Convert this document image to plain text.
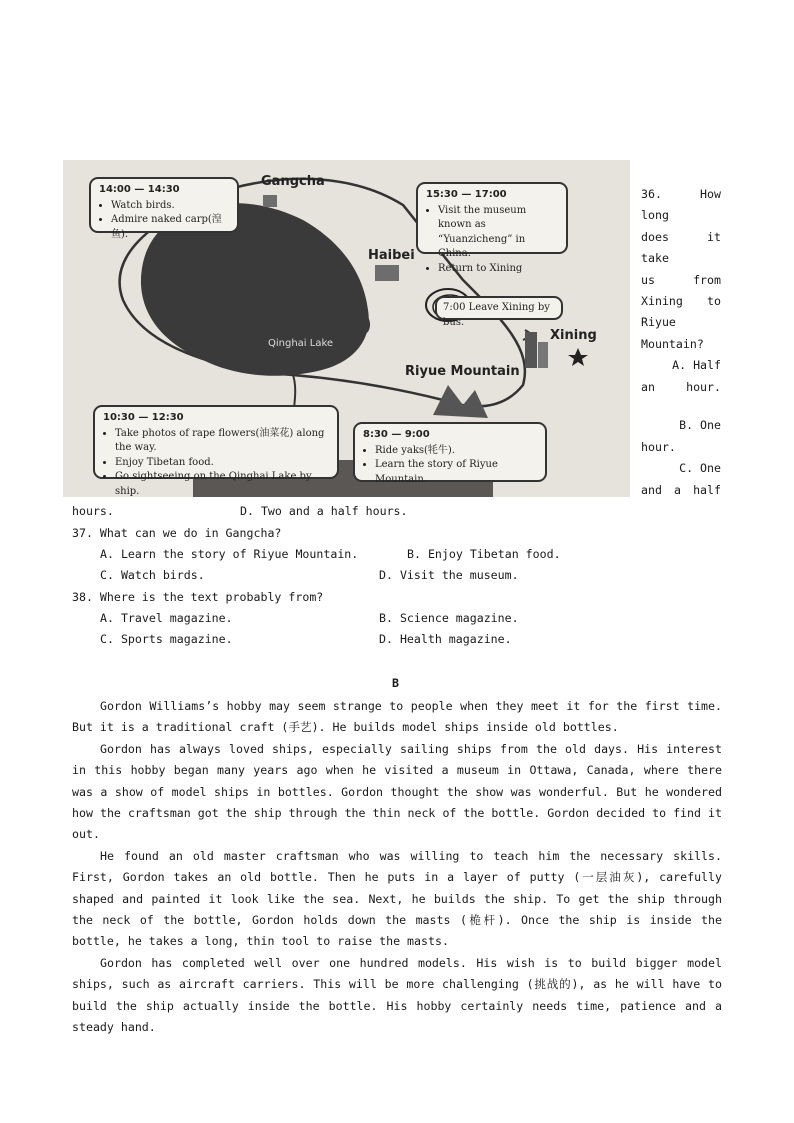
Gangcha
Haibei
Xining
Qinghai Lake
Riyue Mountain
14:00 — 14:30
• Watch birds.
• Admire naked carp(湟鱼).
15:30 — 17:00
• Visit the museum known as “Yuanzicheng” in China.
• Return to Xining
7:00 Leave Xining by bus.
10:30 — 12:30
• Take photos of rape flowers(油菜花) along the way.
• Enjoy Tibetan food.
• Go sightseeing on the Qinghai Lake by ship.
8:30 — 9:00
• Ride yaks(牦牛).
• Learn the story of Riyue Mountain.
36. How long
does it take
us from
Xining to
Riyue
Mountain?
A. Half
an hour.
B. One
hour.
C. One
and a half
hours.	D. Two and a half hours.
37. What can we do in Gangcha?
A. Learn the story of Riyue Mountain.	B. Enjoy Tibetan food.
C. Watch birds.	D. Visit the museum.
38. Where is the text probably from?
A. Travel magazine.	B. Science magazine.
C. Sports magazine.	D. Health magazine.
B

Gordon Williams’s hobby may seem strange to people when they meet it for the first time. But it is a traditional craft (手艺). He builds model ships inside old bottles.

Gordon has always loved ships, especially sailing ships from the old days. His interest in this hobby began many years ago when he visited a museum in Ottawa, Canada, where there was a show of model ships in bottles. Gordon thought the show was wonderful. But he wondered how the craftsman got the ship through the thin neck of the bottle. Gordon decided to find it out.

He found an old master craftsman who was willing to teach him the necessary skills. First, Gordon takes an old bottle. Then he puts in a layer of putty (一层油灰), carefully shaped and painted it look like the sea. Next, he builds the ship. To get the ship through the neck of the bottle, Gordon holds down the masts (桅杆). Once the ship is inside the bottle, he takes a long, thin tool to raise the masts.

Gordon has completed well over one hundred models. His wish is to build bigger model ships, such as aircraft carriers. This will be more challenging (挑战的), as he will have to build the ship actually inside the bottle. His hobby certainly needs time, patience and a steady hand.
